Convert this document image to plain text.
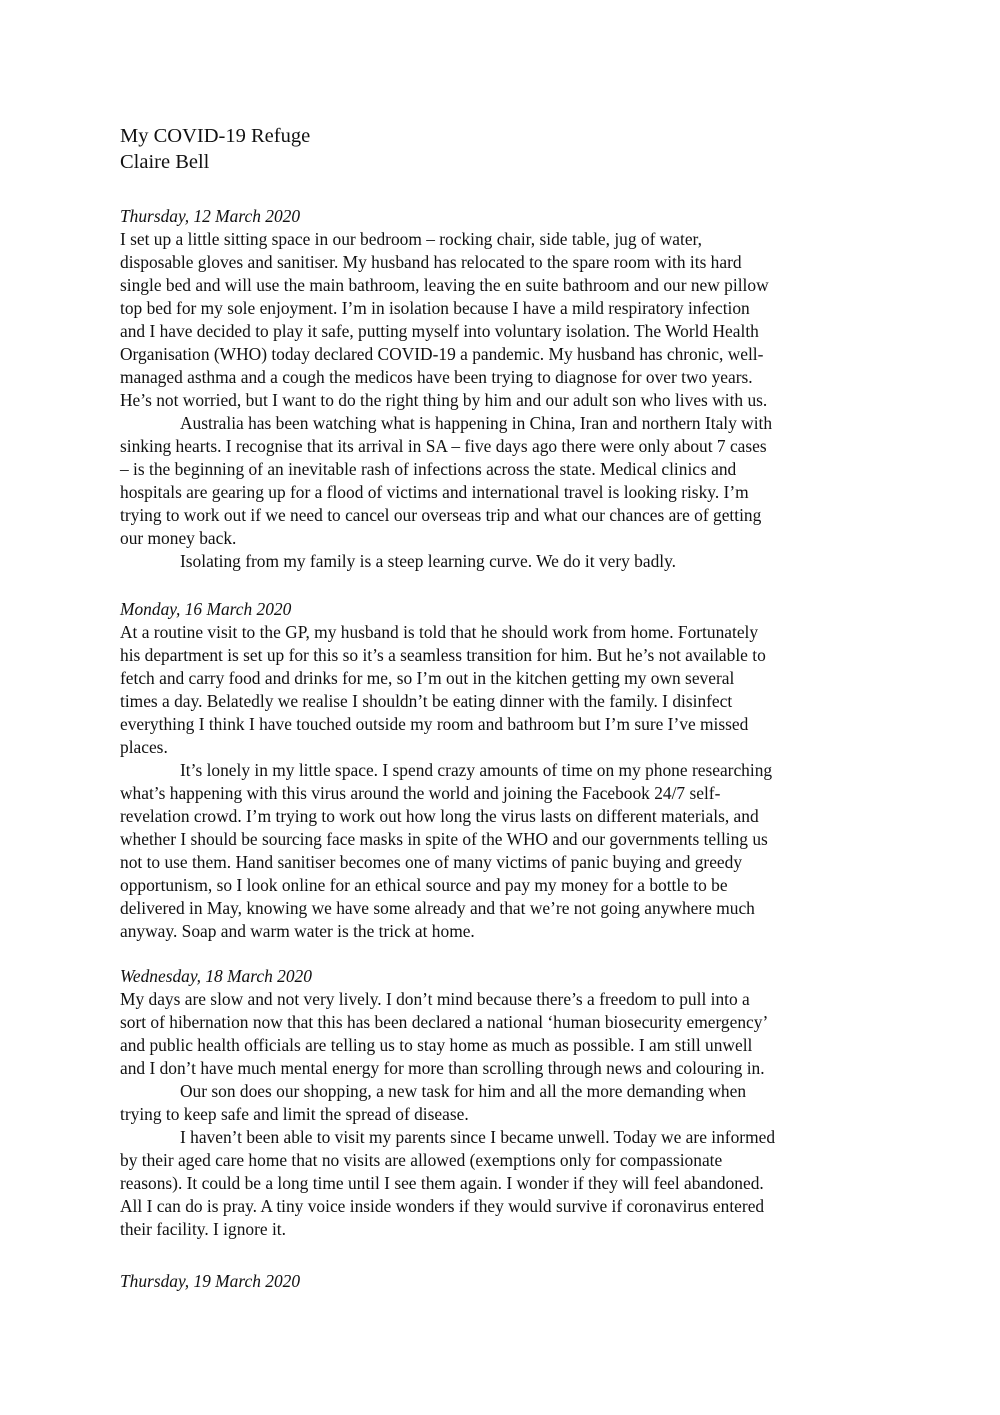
My COVID-19 Refuge
Claire Bell

Thursday, 12 March 2020

I set up a little sitting space in our bedroom – rocking chair, side table, jug of water,

disposable gloves and sanitiser. My husband has relocated to the spare room with its hard

single bed and will use the main bathroom, leaving the en suite bathroom and our new pillow

top bed for my sole enjoyment. I’m in isolation because I have a mild respiratory infection

and I have decided to play it safe, putting myself into voluntary isolation. The World Health

Organisation (WHO) today declared COVID-19 a pandemic. My husband has chronic, well-

managed asthma and a cough the medicos have been trying to diagnose for over two years.

He’s not worried, but I want to do the right thing by him and our adult son who lives with us.

Australia has been watching what is happening in China, Iran and northern Italy with

sinking hearts. I recognise that its arrival in SA – five days ago there were only about 7 cases

– is the beginning of an inevitable rash of infections across the state. Medical clinics and

hospitals are gearing up for a flood of victims and international travel is looking risky. I’m

trying to work out if we need to cancel our overseas trip and what our chances are of getting

our money back.

Isolating from my family is a steep learning curve. We do it very badly.

Monday, 16 March 2020

At a routine visit to the GP, my husband is told that he should work from home. Fortunately

his department is set up for this so it’s a seamless transition for him. But he’s not available to

fetch and carry food and drinks for me, so I’m out in the kitchen getting my own several

times a day. Belatedly we realise I shouldn’t be eating dinner with the family. I disinfect

everything I think I have touched outside my room and bathroom but I’m sure I’ve missed

places.

It’s lonely in my little space. I spend crazy amounts of time on my phone researching

what’s happening with this virus around the world and joining the Facebook 24/7 self-

revelation crowd. I’m trying to work out how long the virus lasts on different materials, and

whether I should be sourcing face masks in spite of the WHO and our governments telling us

not to use them. Hand sanitiser becomes one of many victims of panic buying and greedy

opportunism, so I look online for an ethical source and pay my money for a bottle to be

delivered in May, knowing we have some already and that we’re not going anywhere much

anyway. Soap and warm water is the trick at home.

Wednesday, 18 March 2020

My days are slow and not very lively. I don’t mind because there’s a freedom to pull into a

sort of hibernation now that this has been declared a national ‘human biosecurity emergency’

and public health officials are telling us to stay home as much as possible. I am still unwell

and I don’t have much mental energy for more than scrolling through news and colouring in.

Our son does our shopping, a new task for him and all the more demanding when

trying to keep safe and limit the spread of disease.

I haven’t been able to visit my parents since I became unwell. Today we are informed

by their aged care home that no visits are allowed (exemptions only for compassionate

reasons). It could be a long time until I see them again. I wonder if they will feel abandoned.

All I can do is pray. A tiny voice inside wonders if they would survive if coronavirus entered

their facility. I ignore it.

Thursday, 19 March 2020
